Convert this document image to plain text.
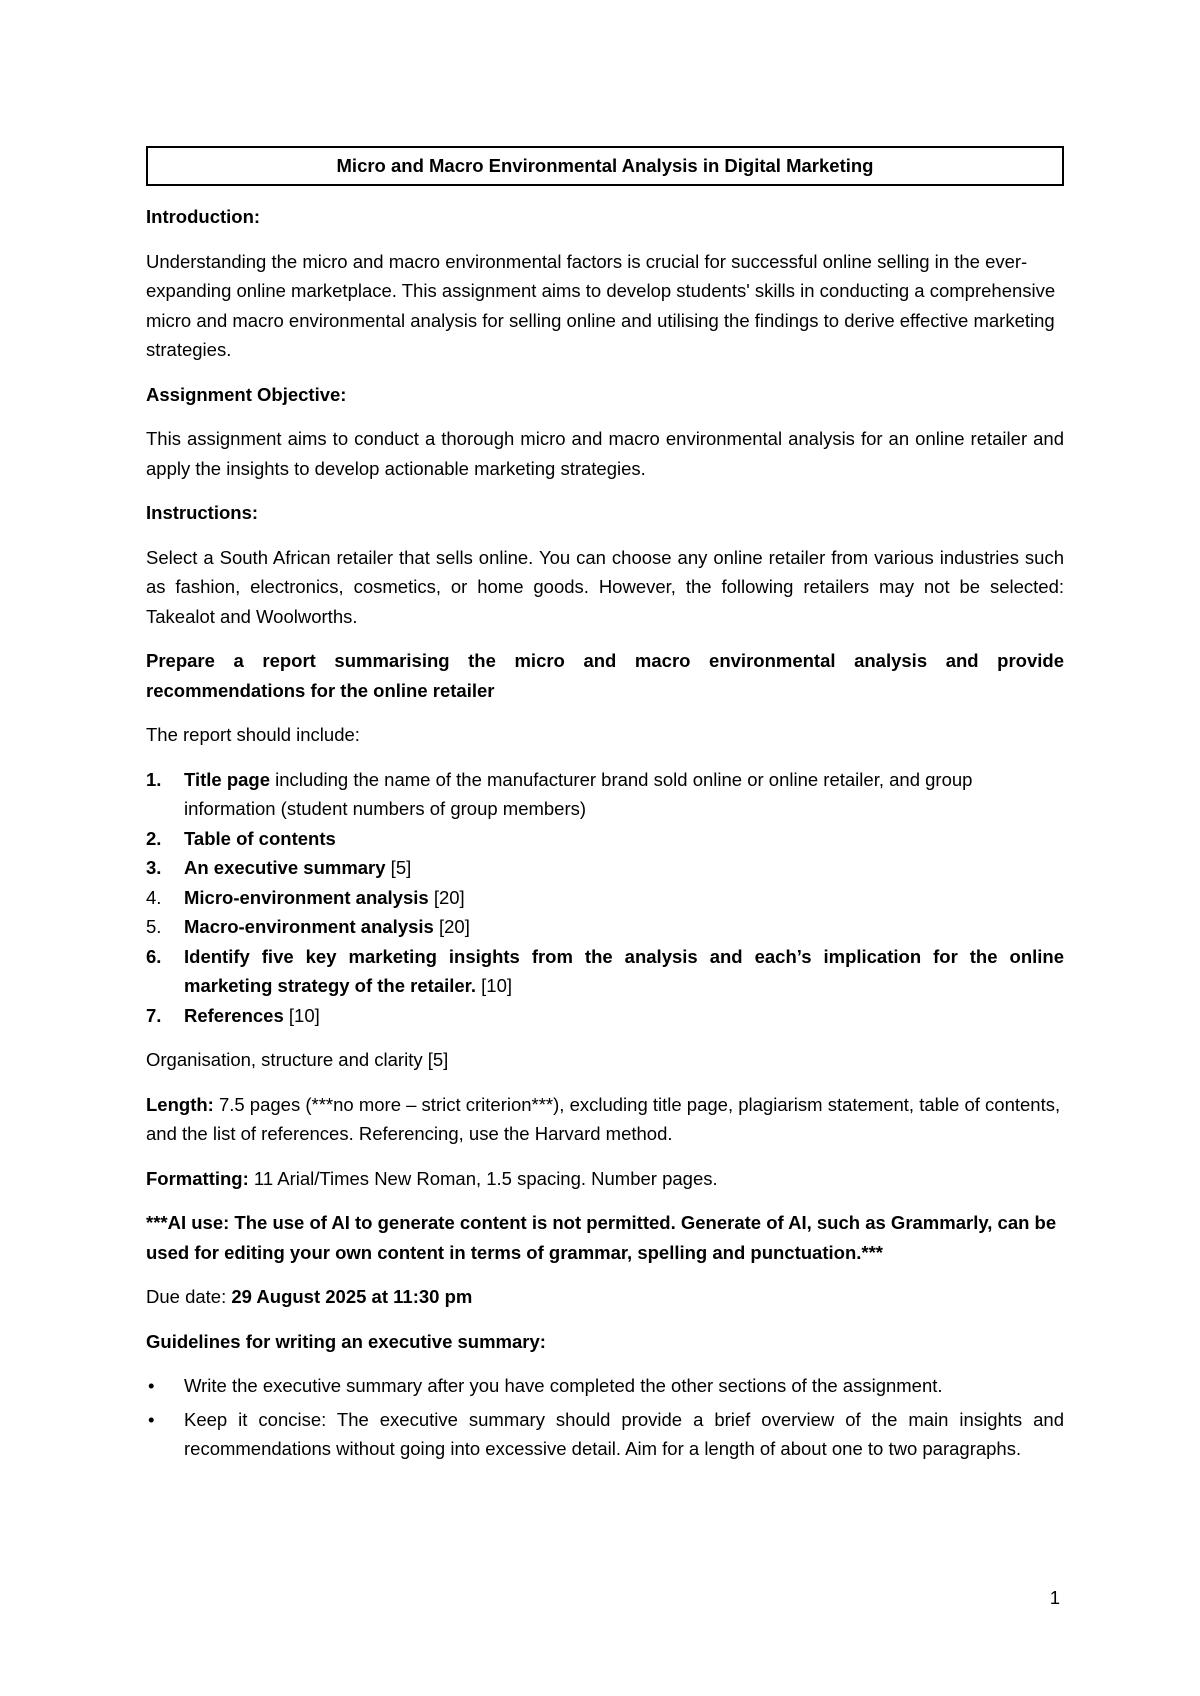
Micro and Macro Environmental Analysis in Digital Marketing
Introduction:

Understanding the micro and macro environmental factors is crucial for successful online selling in the ever-expanding online marketplace. This assignment aims to develop students' skills in conducting a comprehensive micro and macro environmental analysis for selling online and utilising the findings to derive effective marketing strategies.

Assignment Objective:

This assignment aims to conduct a thorough micro and macro environmental analysis for an online retailer and apply the insights to develop actionable marketing strategies.

Instructions:

Select a South African retailer that sells online. You can choose any online retailer from various industries such as fashion, electronics, cosmetics, or home goods. However, the following retailers may not be selected: Takealot and Woolworths.

Prepare a report summarising the micro and macro environmental analysis and provide recommendations for the online retailer

The report should include:

1. Title page including the name of the manufacturer brand sold online or online retailer, and group information (student numbers of group members)
2. Table of contents
3. An executive summary [5]
4. Micro-environment analysis [20]
5. Macro-environment analysis [20]
6. Identify five key marketing insights from the analysis and each’s implication for the online marketing strategy of the retailer. [10]
7. References [10]

Organisation, structure and clarity [5]

Length: 7.5 pages (***no more – strict criterion***), excluding title page, plagiarism statement, table of contents, and the list of references. Referencing, use the Harvard method.

Formatting: 11 Arial/Times New Roman, 1.5 spacing. Number pages.

***AI use: The use of AI to generate content is not permitted. Generate of AI, such as Grammarly, can be used for editing your own content in terms of grammar, spelling and punctuation.***

Due date: 29 August 2025 at 11:30 pm

Guidelines for writing an executive summary:
• Write the executive summary after you have completed the other sections of the assignment.
• Keep it concise: The executive summary should provide a brief overview of the main insights and recommendations without going into excessive detail. Aim for a length of about one to two paragraphs.
1
